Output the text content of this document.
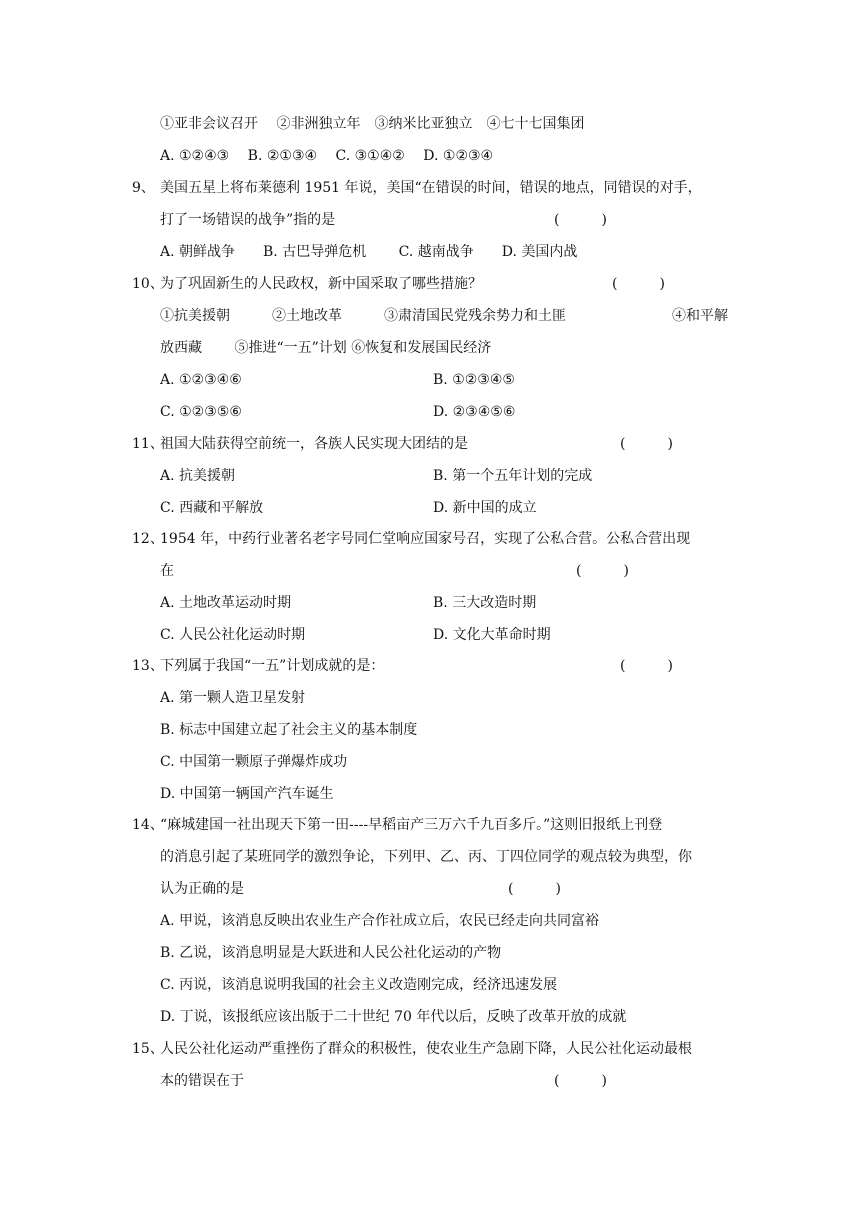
①亚非会议召开　 ②非洲独立年　③纳米比亚独立　④七十七国集团
A. ①②④③　 B. ②①③④　 C. ③①④②　 D. ①②③④
9、 美国五星上将布莱德利 1951 年说，美国“在错误的时间，错误的地点，同错误的对手，
打了一场错误的战争”指的是	(　　　)
A. 朝鲜战争　　B. 古巴导弹危机　　 C. 越南战争　　D. 美国内战
10、
为了巩固新生的人民政权，新中国采取了哪些措施？	(　　　)
①抗美援朝　　　②土地改革　　　③肃清国民党残余势力和土匪	④和平解
放西藏　　 ⑤推进“一五”计划 ⑥恢复和发展国民经济
A. ①②③④⑥	B. ①②③④⑤
C. ①②③⑤⑥	D. ②③④⑤⑥
11、
祖国大陆获得空前统一，各族人民实现大团结的是	(　　　)
A. 抗美援朝	B. 第一个五年计划的完成
C. 西藏和平解放	D. 新中国的成立
12、
1954 年，中药行业著名老字号同仁堂响应国家号召，实现了公私合营。公私合营出现
在	(　　　)
A. 土地改革运动时期	B. 三大改造时期
C. 人民公社化运动时期	D. 文化大革命时期
13、
下列属于我国“一五”计划成就的是：	(　　　)
A. 第一颗人造卫星发射
B. 标志中国建立起了社会主义的基本制度
C. 中国第一颗原子弹爆炸成功
D. 中国第一辆国产汽车诞生
14、
“麻城建国一社出现天下第一田----早稻亩产三万六千九百多斤。”这则旧报纸上刊登
的消息引起了某班同学的激烈争论，下列甲、乙、丙、丁四位同学的观点较为典型，你
认为正确的是	(　　　)
A. 甲说，该消息反映出农业生产合作社成立后，农民已经走向共同富裕
B. 乙说，该消息明显是大跃进和人民公社化运动的产物
C. 丙说，该消息说明我国的社会主义改造刚完成，经济迅速发展
D. 丁说，该报纸应该出版于二十世纪 70 年代以后，反映了改革开放的成就
15、
人民公社化运动严重挫伤了群众的积极性，使农业生产急剧下降，人民公社化运动最根
本的错误在于	(　　　)
